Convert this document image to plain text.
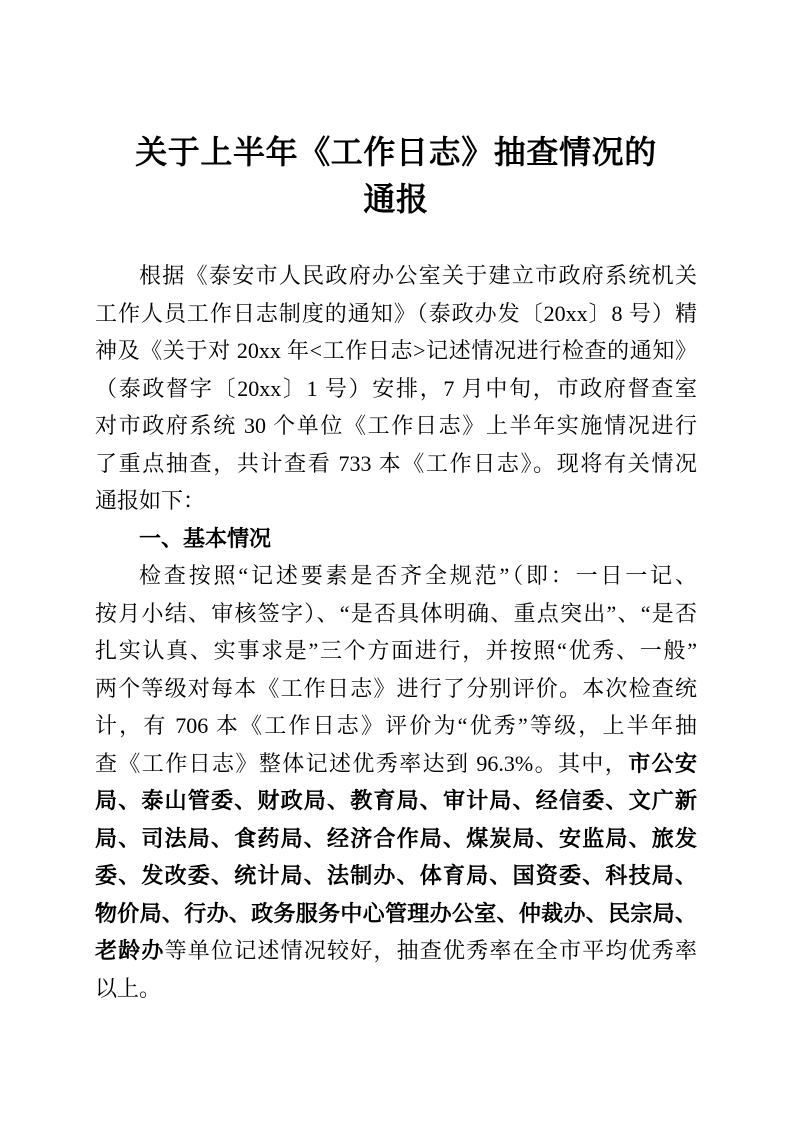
关于上半年《工作日志》抽查情况的
通报
根据《泰安市人民政府办公室关于建立市政府系统机关
工作人员工作日志制度的通知》（泰政办发〔20xx〕8 号）精
神及《关于对 20xx 年<工作日志>记述情况进行检查的通知》
（泰政督字〔20xx〕1 号）安排，7 月中旬，市政府督查室
对市政府系统 30 个单位《工作日志》上半年实施情况进行
了重点抽查，共计查看 733 本《工作日志》。现将有关情况
通报如下：
一、基本情况
检查按照“记述要素是否齐全规范”（即：一日一记、
按月小结、审核签字）、“是否具体明确、重点突出”、“是否
扎实认真、实事求是”三个方面进行，并按照“优秀、一般”
两个等级对每本《工作日志》进行了分别评价。本次检查统
计，有 706 本《工作日志》评价为“优秀”等级，上半年抽
查《工作日志》整体记述优秀率达到 96.3%。其中，市公安
局、泰山管委、财政局、教育局、审计局、经信委、文广新
局、司法局、食药局、经济合作局、煤炭局、安监局、旅发
委、发改委、统计局、法制办、体育局、国资委、科技局、
物价局、行办、政务服务中心管理办公室、仲裁办、民宗局、
老龄办等单位记述情况较好，抽查优秀率在全市平均优秀率
以上。
